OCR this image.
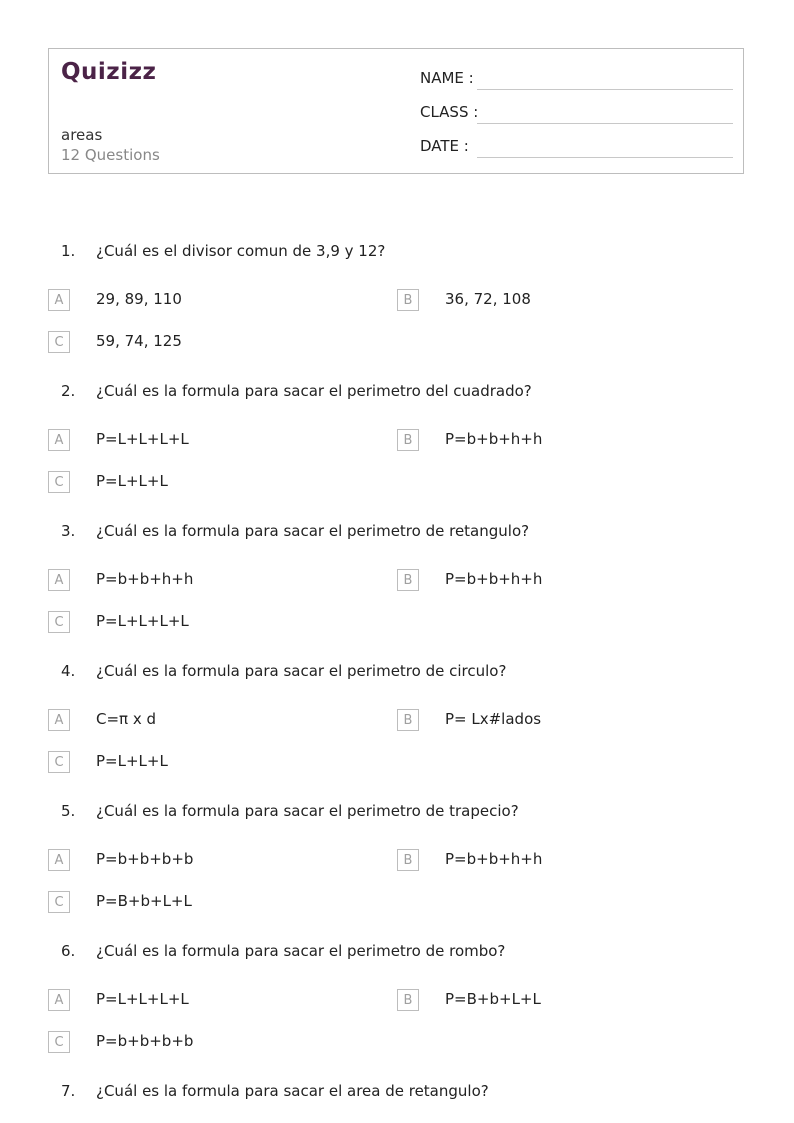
Quizizz
areas
12 Questions
NAME :
CLASS :
DATE :
1. ¿Cuál es el divisor comun de 3,9 y 12?
A	29, 89, 110	B	36, 72, 108
C	59, 74, 125
2. ¿Cuál es la formula para sacar el perimetro del cuadrado?
A	P=L+L+L+L	B	P=b+b+h+h
C	P=L+L+L
3. ¿Cuál es la formula para sacar el perimetro de retangulo?
A	P=b+b+h+h	B	P=b+b+h+h
C	P=L+L+L+L
4. ¿Cuál es la formula para sacar el perimetro de circulo?
A	C=π x d	B	P= Lx#lados
C	P=L+L+L
5. ¿Cuál es la formula para sacar el perimetro de trapecio?
A	P=b+b+b+b	B	P=b+b+h+h
C	P=B+b+L+L
6. ¿Cuál es la formula para sacar el perimetro de rombo?
A	P=L+L+L+L	B	P=B+b+L+L
C	P=b+b+b+b
7. ¿Cuál es la formula para sacar el area de retangulo?
